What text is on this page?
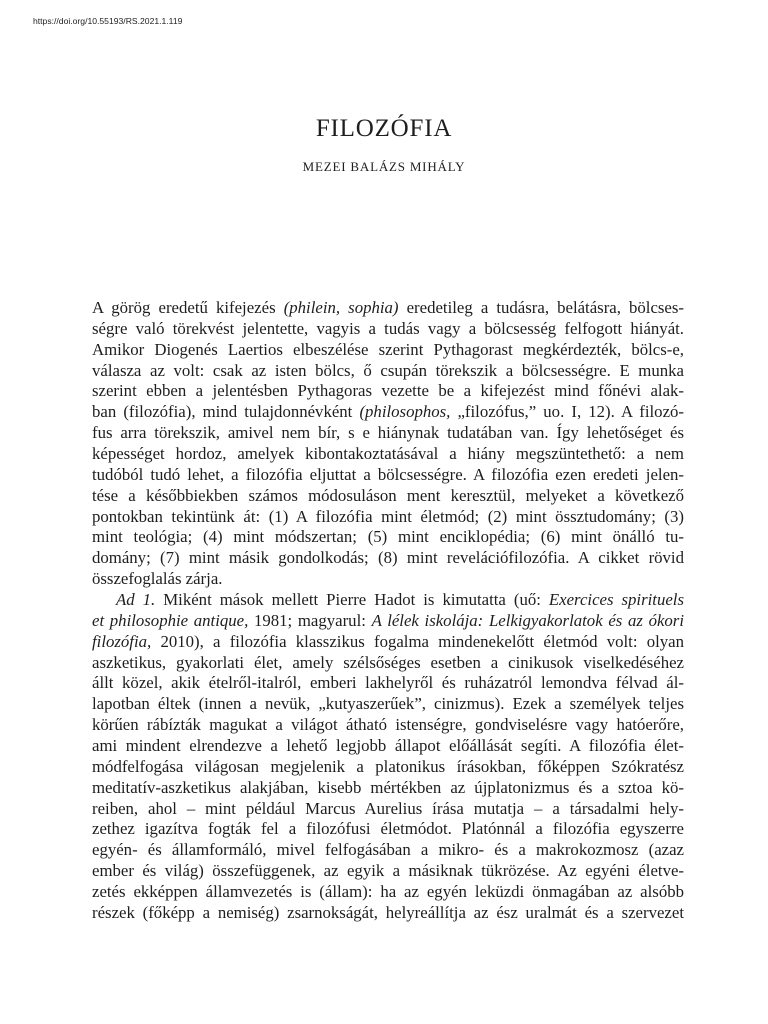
https://doi.org/10.55193/RS.2021.1.119
FILOZÓFIA
MEZEI BALÁZS MIHÁLY
A görög eredetű kifejezés (philein, sophia) eredetileg a tudásra, belátásra, bölcses-
ségre való törekvést jelentette, vagyis a tudás vagy a bölcsesség felfogott hiányát.
Amikor Diogenés Laertios elbeszélése szerint Pythagorast megkérdezték, bölcs-e,
válasza az volt: csak az isten bölcs, ő csupán törekszik a bölcsességre. E munka
szerint ebben a jelentésben Pythagoras vezette be a kifejezést mind főnévi alak-
ban (filozófia), mind tulajdonnévként (philosophos, „filozófus,” uo. I, 12). A filozó-
fus arra törekszik, amivel nem bír, s e hiánynak tudatában van. Így lehetőséget és
képességet hordoz, amelyek kibontakoztatásával a hiány megszüntethető: a nem
tudóból tudó lehet, a filozófia eljuttat a bölcsességre. A filozófia ezen eredeti jelen-
tése a későbbiekben számos módosuláson ment keresztül, melyeket a következő
pontokban tekintünk át: (1) A filozófia mint életmód; (2) mint össztudomány; (3)
mint teológia; (4) mint módszertan; (5) mint enciklopédia; (6) mint önálló tu-
domány; (7) mint másik gondolkodás; (8) mint revelációfilozófia. A cikket rövid
összefoglalás zárja.
Ad 1. Miként mások mellett Pierre Hadot is kimutatta (uő: Exercices spirituels
et philosophie antique, 1981; magyarul: A lélek iskolája: Lelkigyakorlatok és az ókori
filozófia, 2010), a filozófia klasszikus fogalma mindenekelőtt életmód volt: olyan
aszketikus, gyakorlati élet, amely szélsőséges esetben a cinikusok viselkedéséhez
állt közel, akik ételről-italról, emberi lakhelyről és ruházatról lemondva félvad ál-
lapotban éltek (innen a nevük, „kutyaszerűek”, cinizmus). Ezek a személyek teljes
körűen rábízták magukat a világot átható istenségre, gondviselésre vagy hatóerőre,
ami mindent elrendezve a lehető legjobb állapot előállását segíti. A filozófia élet-
módfelfogása világosan megjelenik a platonikus írásokban, főképpen Szókratész
meditatív-aszketikus alakjában, kisebb mértékben az újplatonizmus és a sztoa kö-
reiben, ahol – mint például Marcus Aurelius írása mutatja – a társadalmi hely-
zethez igazítva fogták fel a filozófusi életmódot. Platónnál a filozófia egyszerre
egyén- és államformáló, mivel felfogásában a mikro- és a makrokozmosz (azaz
ember és világ) összefüggenek, az egyik a másiknak tükrözése. Az egyéni életve-
zetés ekképpen államvezetés is (állam): ha az egyén leküzdi önmagában az alsóbb
részek (főképp a nemiség) zsarnokságát, helyreállítja az ész uralmát és a szervezet
